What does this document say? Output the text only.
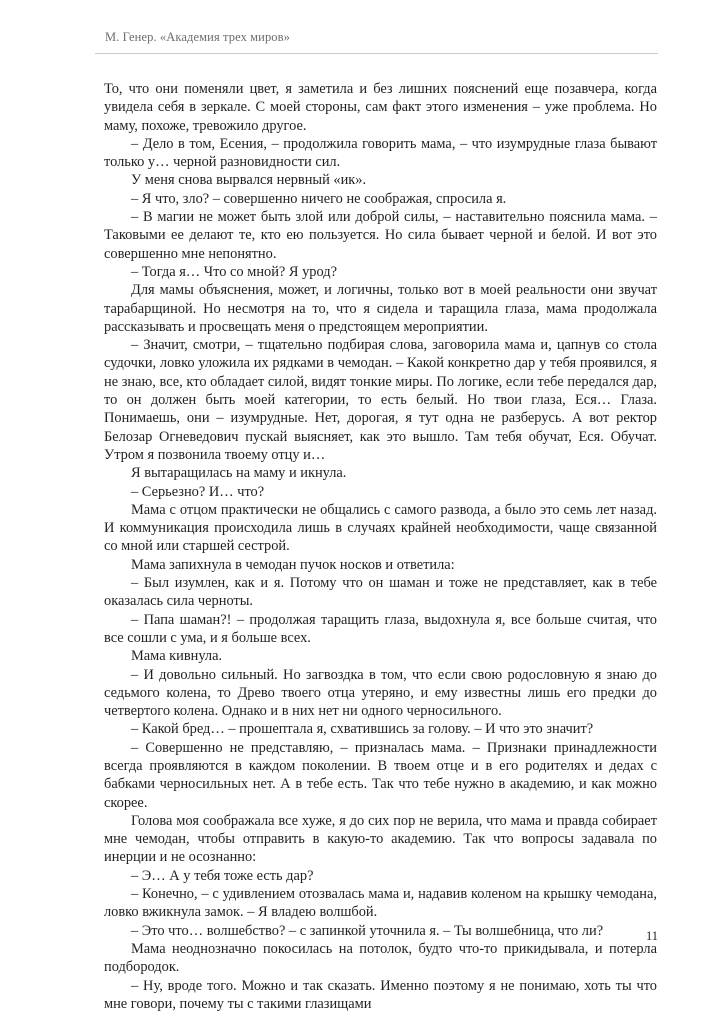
М. Генер. «Академия трех миров»

То, что они поменяли цвет, я заметила и без лишних пояснений еще позавчера, когда увидела себя в зеркале. С моей стороны, сам факт этого изменения – уже проблема. Но маму, похоже, тревожило другое.

– Дело в том, Есения, – продолжила говорить мама, – что изумрудные глаза бывают только у… черной разновидности сил.

У меня снова вырвался нервный «ик».

– Я что, зло? – совершенно ничего не соображая, спросила я.

– В магии не может быть злой или доброй силы, – наставительно пояснила мама. – Таковыми ее делают те, кто ею пользуется. Но сила бывает черной и белой. И вот это совершенно мне непонятно.

– Тогда я… Что со мной? Я урод?

Для мамы объяснения, может, и логичны, только вот в моей реальности они звучат тарабарщиной. Но несмотря на то, что я сидела и таращила глаза, мама продолжала рассказывать и просвещать меня о предстоящем мероприятии.

– Значит, смотри, – тщательно подбирая слова, заговорила мама и, цапнув со стола судочки, ловко уложила их рядками в чемодан. – Какой конкретно дар у тебя проявился, я не знаю, все, кто обладает силой, видят тонкие миры. По логике, если тебе передался дар, то он должен быть моей категории, то есть белый. Но твои глаза, Еся… Глаза. Понимаешь, они – изумрудные. Нет, дорогая, я тут одна не разберусь. А вот ректор Белозар Огневедович пускай выясняет, как это вышло. Там тебя обучат, Еся. Обучат. Утром я позвонила твоему отцу и…

Я вытаращилась на маму и икнула.

– Серьезно? И… что?

Мама с отцом практически не общались с самого развода, а было это семь лет назад. И коммуникация происходила лишь в случаях крайней необходимости, чаще связанной со мной или старшей сестрой.

Мама запихнула в чемодан пучок носков и ответила:

– Был изумлен, как и я. Потому что он шаман и тоже не представляет, как в тебе оказалась сила черноты.

– Папа шаман?! – продолжая таращить глаза, выдохнула я, все больше считая, что все сошли с ума, и я больше всех.

Мама кивнула.

– И довольно сильный. Но загвоздка в том, что если свою родословную я знаю до седьмого колена, то Древо твоего отца утеряно, и ему известны лишь его предки до четвертого колена. Однако и в них нет ни одного черносильного.

– Какой бред… – прошептала я, схватившись за голову. – И что это значит?

– Совершенно не представляю, – призналась мама. – Признаки принадлежности всегда проявляются в каждом поколении. В твоем отце и в его родителях и дедах с бабками черносильных нет. А в тебе есть. Так что тебе нужно в академию, и как можно скорее.

Голова моя соображала все хуже, я до сих пор не верила, что мама и правда собирает мне чемодан, чтобы отправить в какую-то академию. Так что вопросы задавала по инерции и не осознанно:

– Э… А у тебя тоже есть дар?

– Конечно, – с удивлением отозвалась мама и, надавив коленом на крышку чемодана, ловко вжикнула замок. – Я владею волшбой.

– Это что… волшебство? – с запинкой уточнила я. – Ты волшебница, что ли?

Мама неоднозначно покосилась на потолок, будто что-то прикидывала, и потерла подбородок.

– Ну, вроде того. Можно и так сказать. Именно поэтому я не понимаю, хоть ты что мне говори, почему ты с такими глазищами

11
